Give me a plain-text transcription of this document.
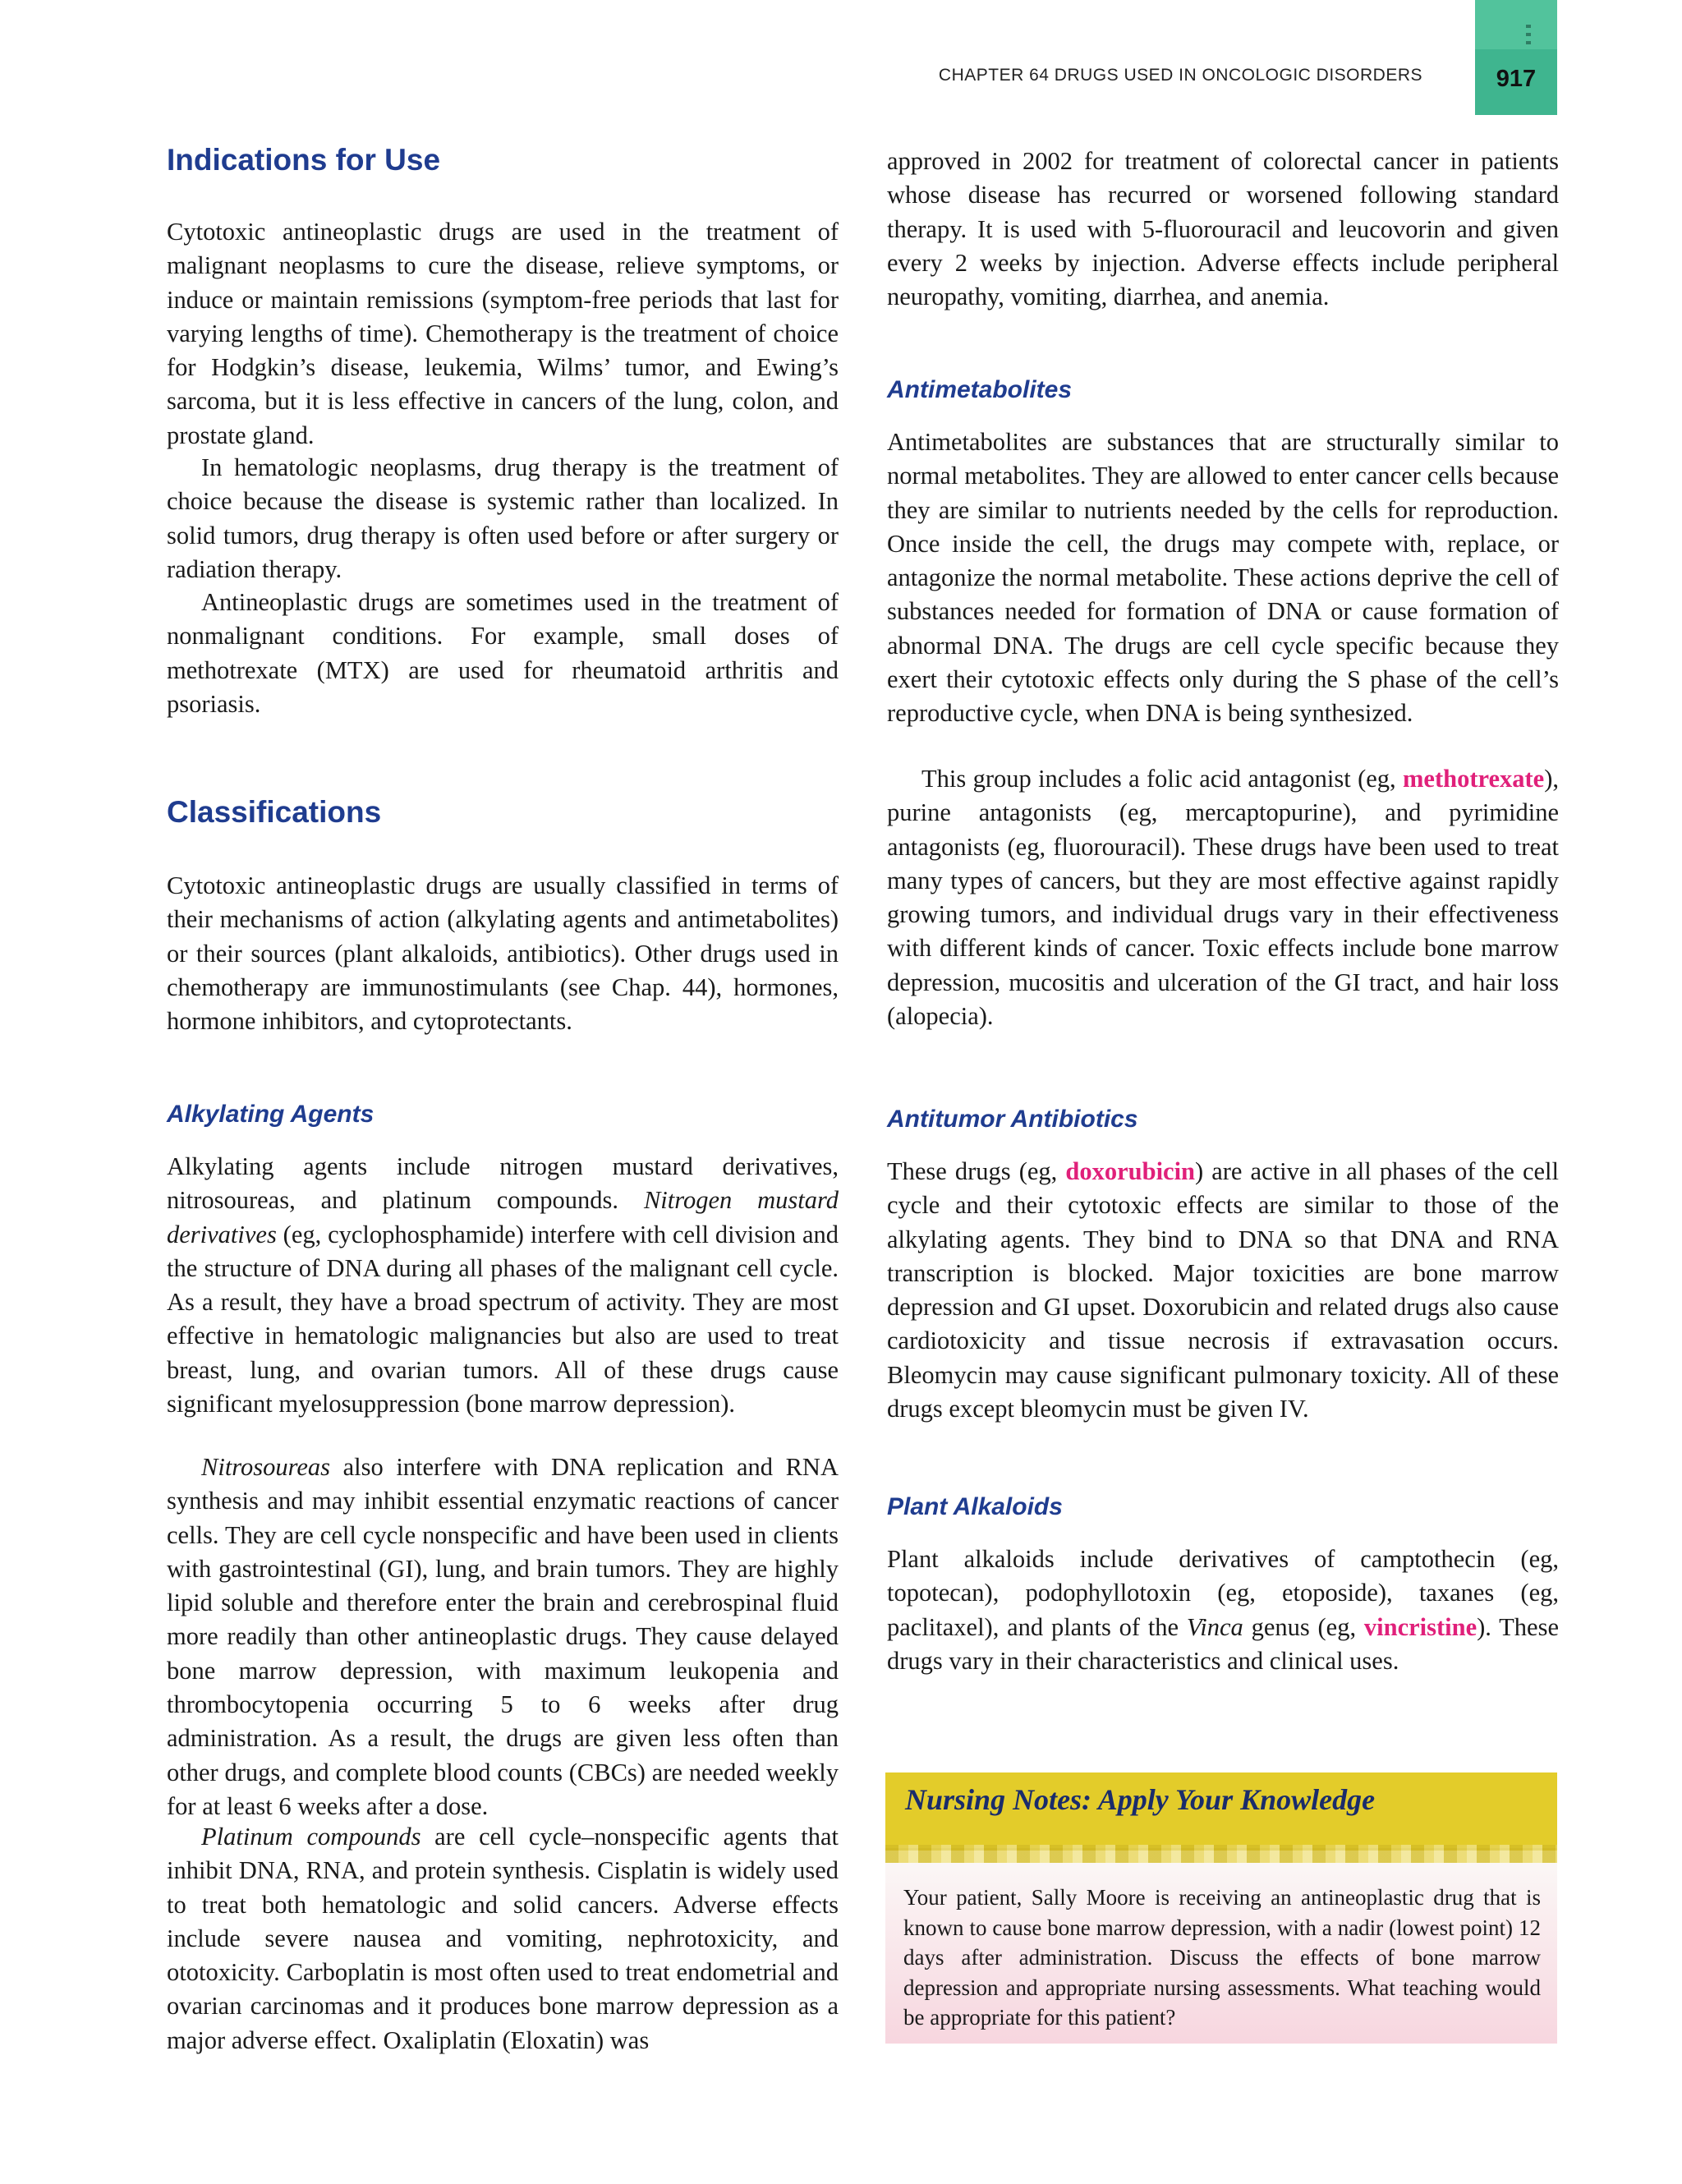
CHAPTER 64 DRUGS USED IN ONCOLOGIC DISORDERS	917
Indications for Use

Cytotoxic antineoplastic drugs are used in the treatment of malignant neoplasms to cure the disease, relieve symptoms, or induce or maintain remissions (symptom-free periods that last for varying lengths of time). Chemotherapy is the treatment of choice for Hodgkin’s disease, leukemia, Wilms’ tumor, and Ewing’s sarcoma, but it is less effective in cancers of the lung, colon, and prostate gland.

In hematologic neoplasms, drug therapy is the treatment of choice because the disease is systemic rather than localized. In solid tumors, drug therapy is often used before or after surgery or radiation therapy.

Antineoplastic drugs are sometimes used in the treatment of nonmalignant conditions. For example, small doses of methotrexate (MTX) are used for rheumatoid arthritis and psoriasis.

Classifications

Cytotoxic antineoplastic drugs are usually classified in terms of their mechanisms of action (alkylating agents and antimetabolites) or their sources (plant alkaloids, antibiotics). Other drugs used in chemotherapy are immunostimulants (see Chap. 44), hormones, hormone inhibitors, and cytoprotectants.

Alkylating Agents

Alkylating agents include nitrogen mustard derivatives, nitrosoureas, and platinum compounds. Nitrogen mustard derivatives (eg, cyclophosphamide) interfere with cell division and the structure of DNA during all phases of the malignant cell cycle. As a result, they have a broad spectrum of activity. They are most effective in hematologic malignancies but also are used to treat breast, lung, and ovarian tumors. All of these drugs cause significant myelosuppression (bone marrow depression).

Nitrosoureas also interfere with DNA replication and RNA synthesis and may inhibit essential enzymatic reactions of cancer cells. They are cell cycle nonspecific and have been used in clients with gastrointestinal (GI), lung, and brain tumors. They are highly lipid soluble and therefore enter the brain and cerebrospinal fluid more readily than other antineoplastic drugs. They cause delayed bone marrow depression, with maximum leukopenia and thrombocytopenia occurring 5 to 6 weeks after drug administration. As a result, the drugs are given less often than other drugs, and complete blood counts (CBCs) are needed weekly for at least 6 weeks after a dose.

Platinum compounds are cell cycle–nonspecific agents that inhibit DNA, RNA, and protein synthesis. Cisplatin is widely used to treat both hematologic and solid cancers. Adverse effects include severe nausea and vomiting, nephrotoxicity, and ototoxicity. Carboplatin is most often used to treat endometrial and ovarian carcinomas and it produces bone marrow depression as a major adverse effect. Oxaliplatin (Eloxatin) was

approved in 2002 for treatment of colorectal cancer in patients whose disease has recurred or worsened following standard therapy. It is used with 5-fluorouracil and leucovorin and given every 2 weeks by injection. Adverse effects include peripheral neuropathy, vomiting, diarrhea, and anemia.

Antimetabolites

Antimetabolites are substances that are structurally similar to normal metabolites. They are allowed to enter cancer cells because they are similar to nutrients needed by the cells for reproduction. Once inside the cell, the drugs may compete with, replace, or antagonize the normal metabolite. These actions deprive the cell of substances needed for formation of DNA or cause formation of abnormal DNA. The drugs are cell cycle specific because they exert their cytotoxic effects only during the S phase of the cell’s reproductive cycle, when DNA is being synthesized.

This group includes a folic acid antagonist (eg, methotrexate), purine antagonists (eg, mercaptopurine), and pyrimidine antagonists (eg, fluorouracil). These drugs have been used to treat many types of cancers, but they are most effective against rapidly growing tumors, and individual drugs vary in their effectiveness with different kinds of cancer. Toxic effects include bone marrow depression, mucositis and ulceration of the GI tract, and hair loss (alopecia).

Antitumor Antibiotics

These drugs (eg, doxorubicin) are active in all phases of the cell cycle and their cytotoxic effects are similar to those of the alkylating agents. They bind to DNA so that DNA and RNA transcription is blocked. Major toxicities are bone marrow depression and GI upset. Doxorubicin and related drugs also cause cardiotoxicity and tissue necrosis if extravasation occurs. Bleomycin may cause significant pulmonary toxicity. All of these drugs except bleomycin must be given IV.

Plant Alkaloids

Plant alkaloids include derivatives of camptothecin (eg, topotecan), podophyllotoxin (eg, etoposide), taxanes (eg, paclitaxel), and plants of the Vinca genus (eg, vincristine). These drugs vary in their characteristics and clinical uses.

Nursing Notes: Apply Your Knowledge

Your patient, Sally Moore is receiving an antineoplastic drug that is known to cause bone marrow depression, with a nadir (lowest point) 12 days after administration. Discuss the effects of bone marrow depression and appropriate nursing assessments. What teaching would be appropriate for this patient?
